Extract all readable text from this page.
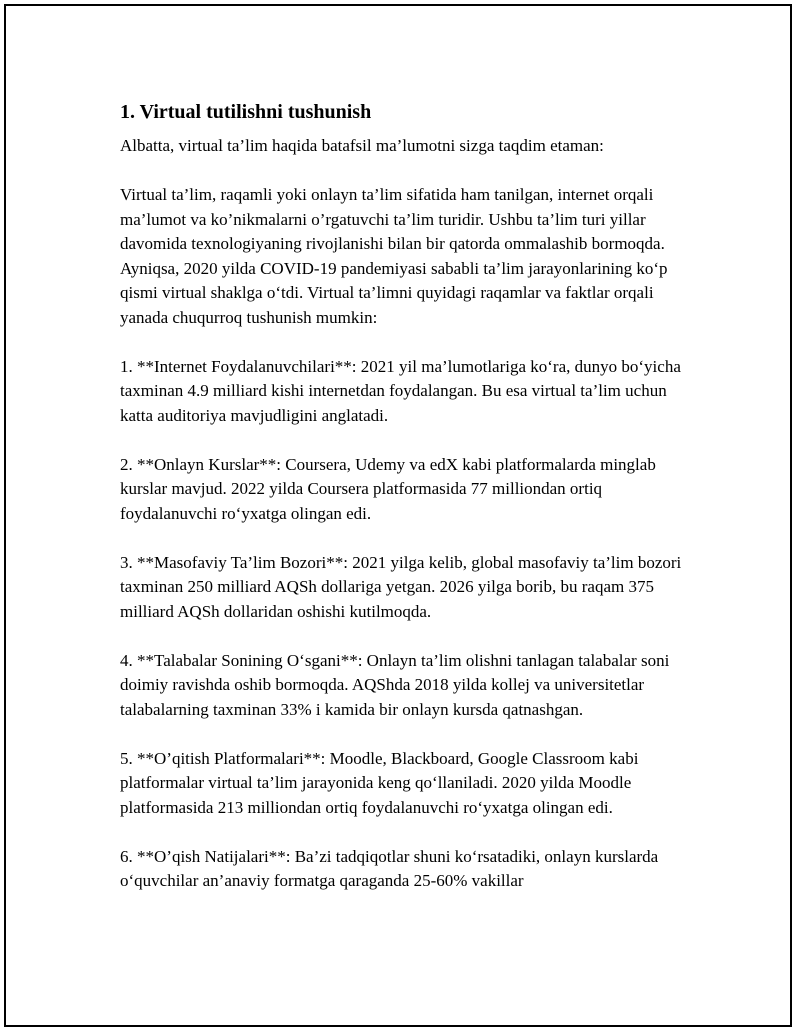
1. Virtual tutilishni tushunish

Albatta, virtual ta’lim haqida batafsil ma’lumotni sizga taqdim etaman:

Virtual ta’lim, raqamli yoki onlayn ta’lim sifatida ham tanilgan, internet orqali ma’lumot va ko’nikmalarni o’rgatuvchi ta’lim turidir. Ushbu ta’lim turi yillar davomida texnologiyaning rivojlanishi bilan bir qatorda ommalashib bormoqda. Ayniqsa, 2020 yilda COVID-19 pandemiyasi sababli ta’lim jarayonlarining ko‘p qismi virtual shaklga o‘tdi. Virtual ta’limni quyidagi raqamlar va faktlar orqali yanada chuqurroq tushunish mumkin:

1. **Internet Foydalanuvchilari**: 2021 yil ma’lumotlariga ko‘ra, dunyo bo‘yicha taxminan 4.9 milliard kishi internetdan foydalangan. Bu esa virtual ta’lim uchun katta auditoriya mavjudligini anglatadi.

2. **Onlayn Kurslar**: Coursera, Udemy va edX kabi platformalarda minglab kurslar mavjud. 2022 yilda Coursera platformasida 77 milliondan ortiq foydalanuvchi ro‘yxatga olingan edi.

3. **Masofaviy Ta’lim Bozori**: 2021 yilga kelib, global masofaviy ta’lim bozori taxminan 250 milliard AQSh dollariga yetgan. 2026 yilga borib, bu raqam 375 milliard AQSh dollaridan oshishi kutilmoqda.

4. **Talabalar Sonining O‘sgani**: Onlayn ta’lim olishni tanlagan talabalar soni doimiy ravishda oshib bormoqda. AQShda 2018 yilda kollej va universitetlar talabalarning taxminan 33% i kamida bir onlayn kursda qatnashgan.

5. **O’qitish Platformalari**: Moodle, Blackboard, Google Classroom kabi platformalar virtual ta’lim jarayonida keng qo‘llaniladi. 2020 yilda Moodle platformasida 213 milliondan ortiq foydalanuvchi ro‘yxatga olingan edi.

6. **O’qish Natijalari**: Ba’zi tadqiqotlar shuni ko‘rsatadiki, onlayn kurslarda o‘quvchilar an’anaviy formatga qaraganda 25-60% vakillar
